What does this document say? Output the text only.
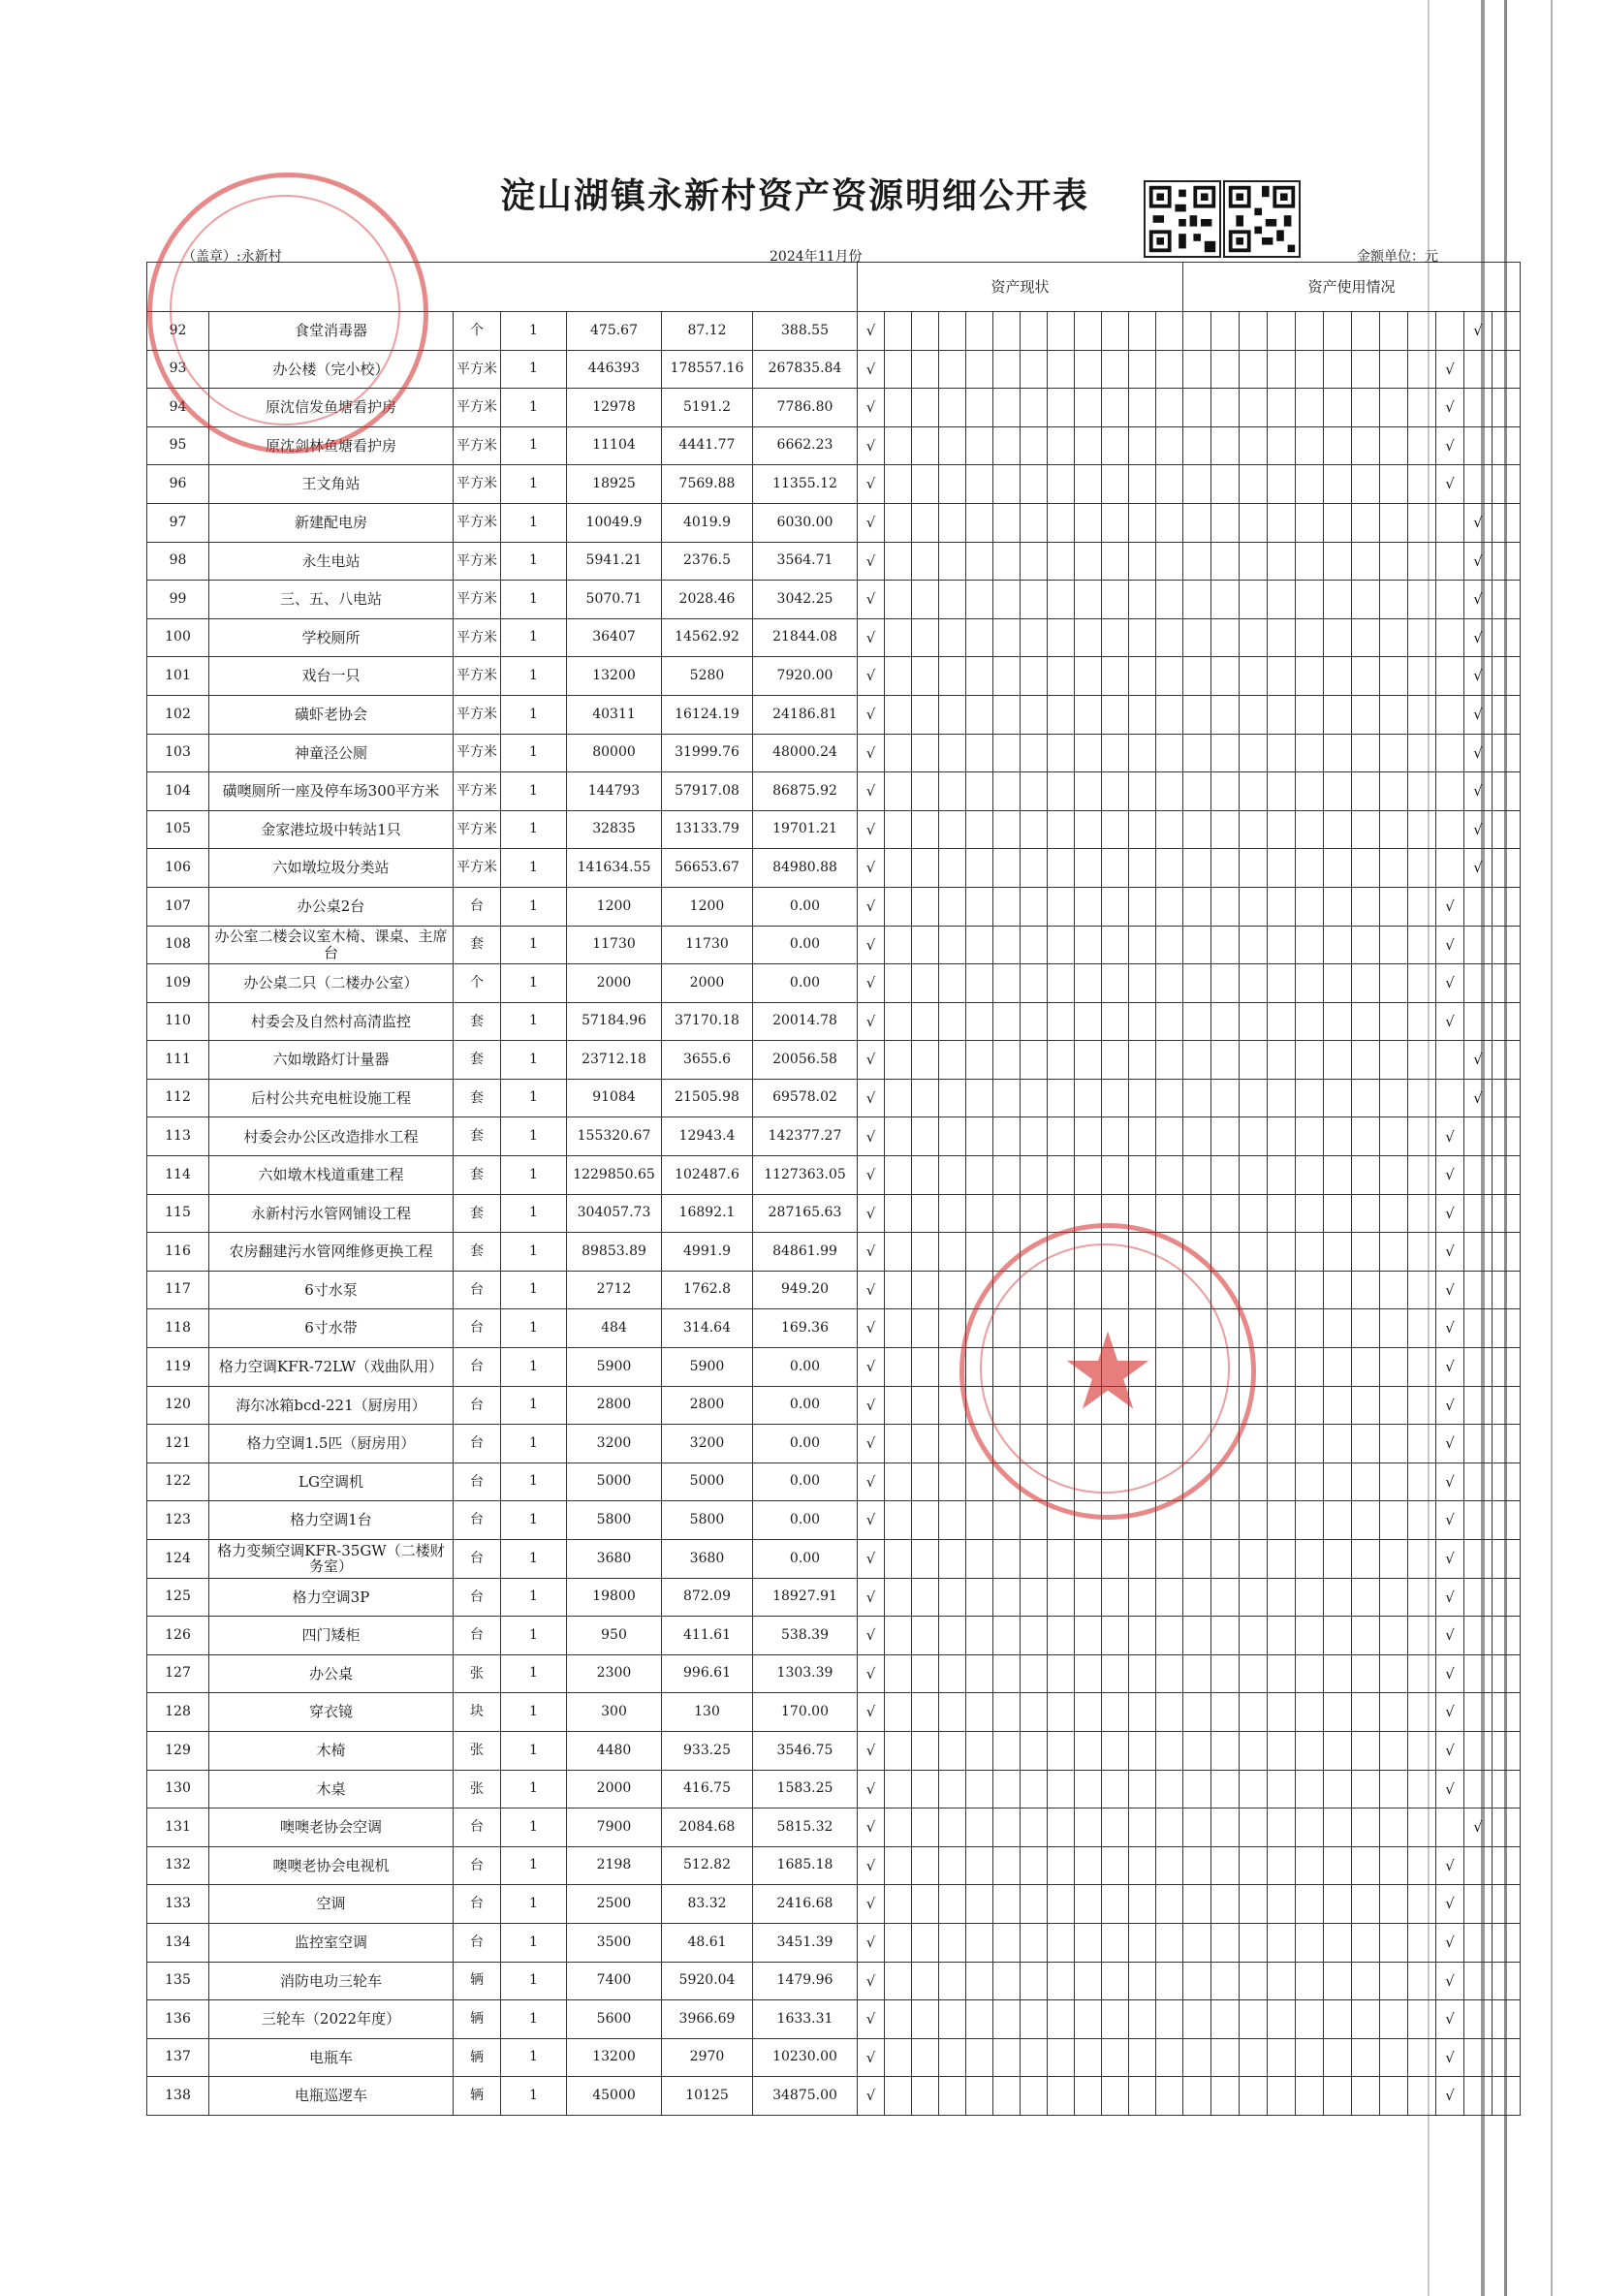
淀山湖镇永新村资产资源明细公开表
（盖章）:永新村	2024年11月份	金额单位：元
							资产现状												资产使用情况											
92	食堂消毒器	个	1	475.67	87.12	388.55	√																						√	
93	办公楼（完小校）	平方米	1	446393	178557.16	267835.84	√																					√		
94	原沈信发鱼塘看护房	平方米	1	12978	5191.2	7786.80	√																					√		
95	原沈剑林鱼塘看护房	平方米	1	11104	4441.77	6662.23	√																					√		
96	王文角站	平方米	1	18925	7569.88	11355.12	√																					√		
97	新建配电房	平方米	1	10049.9	4019.9	6030.00	√																						√	
98	永生电站	平方米	1	5941.21	2376.5	3564.71	√																						√	
99	三、五、八电站	平方米	1	5070.71	2028.46	3042.25	√																						√	
100	学校厕所	平方米	1	36407	14562.92	21844.08	√																						√	
101	戏台一只	平方米	1	13200	5280	7920.00	√																						√	
102	磺虾老协会	平方米	1	40311	16124.19	24186.81	√																						√	
103	神童泾公厕	平方米	1	80000	31999.76	48000.24	√																						√	
104	磺噢厕所一座及停车场300平方米	平方米	1	144793	57917.08	86875.92	√																						√	
105	金家港垃圾中转站1只	平方米	1	32835	13133.79	19701.21	√																						√	
106	六如墩垃圾分类站	平方米	1	141634.55	56653.67	84980.88	√																						√	
107	办公桌2台	台	1	1200	1200	0.00	√																					√		
108	办公室二楼会议室木椅、课桌、主席台	套	1	11730	11730	0.00	√																					√		
109	办公桌二只（二楼办公室）	个	1	2000	2000	0.00	√																					√		
110	村委会及自然村高清监控	套	1	57184.96	37170.18	20014.78	√																					√		
111	六如墩路灯计量器	套	1	23712.18	3655.6	20056.58	√																						√	
112	后村公共充电桩设施工程	套	1	91084	21505.98	69578.02	√																						√	
113	村委会办公区改造排水工程	套	1	155320.67	12943.4	142377.27	√																					√		
114	六如墩木栈道重建工程	套	1	1229850.65	102487.6	1127363.05	√																					√		
115	永新村污水管网铺设工程	套	1	304057.73	16892.1	287165.63	√																					√		
116	农房翻建污水管网维修更换工程	套	1	89853.89	4991.9	84861.99	√																					√		
117	6寸水泵	台	1	2712	1762.8	949.20	√																					√		
118	6寸水带	台	1	484	314.64	169.36	√																					√		
119	格力空调KFR-72LW（戏曲队用）	台	1	5900	5900	0.00	√																					√		
120	海尔冰箱bcd-221（厨房用）	台	1	2800	2800	0.00	√																					√		
121	格力空调1.5匹（厨房用）	台	1	3200	3200	0.00	√																					√		
122	LG空调机	台	1	5000	5000	0.00	√																					√		
123	格力空调1台	台	1	5800	5800	0.00	√																					√		
124	格力变频空调KFR-35GW（二楼财务室）	台	1	3680	3680	0.00	√																					√		
125	格力空调3P	台	1	19800	872.09	18927.91	√																					√		
126	四门矮柜	台	1	950	411.61	538.39	√																					√		
127	办公桌	张	1	2300	996.61	1303.39	√																					√		
128	穿衣镜	块	1	300	130	170.00	√																					√		
129	木椅	张	1	4480	933.25	3546.75	√																					√		
130	木桌	张	1	2000	416.75	1583.25	√																					√		
131	噢噢老协会空调	台	1	7900	2084.68	5815.32	√																						√	
132	噢噢老协会电视机	台	1	2198	512.82	1685.18	√																					√		
133	空调	台	1	2500	83.32	2416.68	√																					√		
134	监控室空调	台	1	3500	48.61	3451.39	√																					√		
135	消防电功三轮车	辆	1	7400	5920.04	1479.96	√																					√		
136	三轮车（2022年度）	辆	1	5600	3966.69	1633.31	√																					√		
137	电瓶车	辆	1	13200	2970	10230.00	√																					√		
138	电瓶巡逻车	辆	1	45000	10125	34875.00	√																					√		
★
